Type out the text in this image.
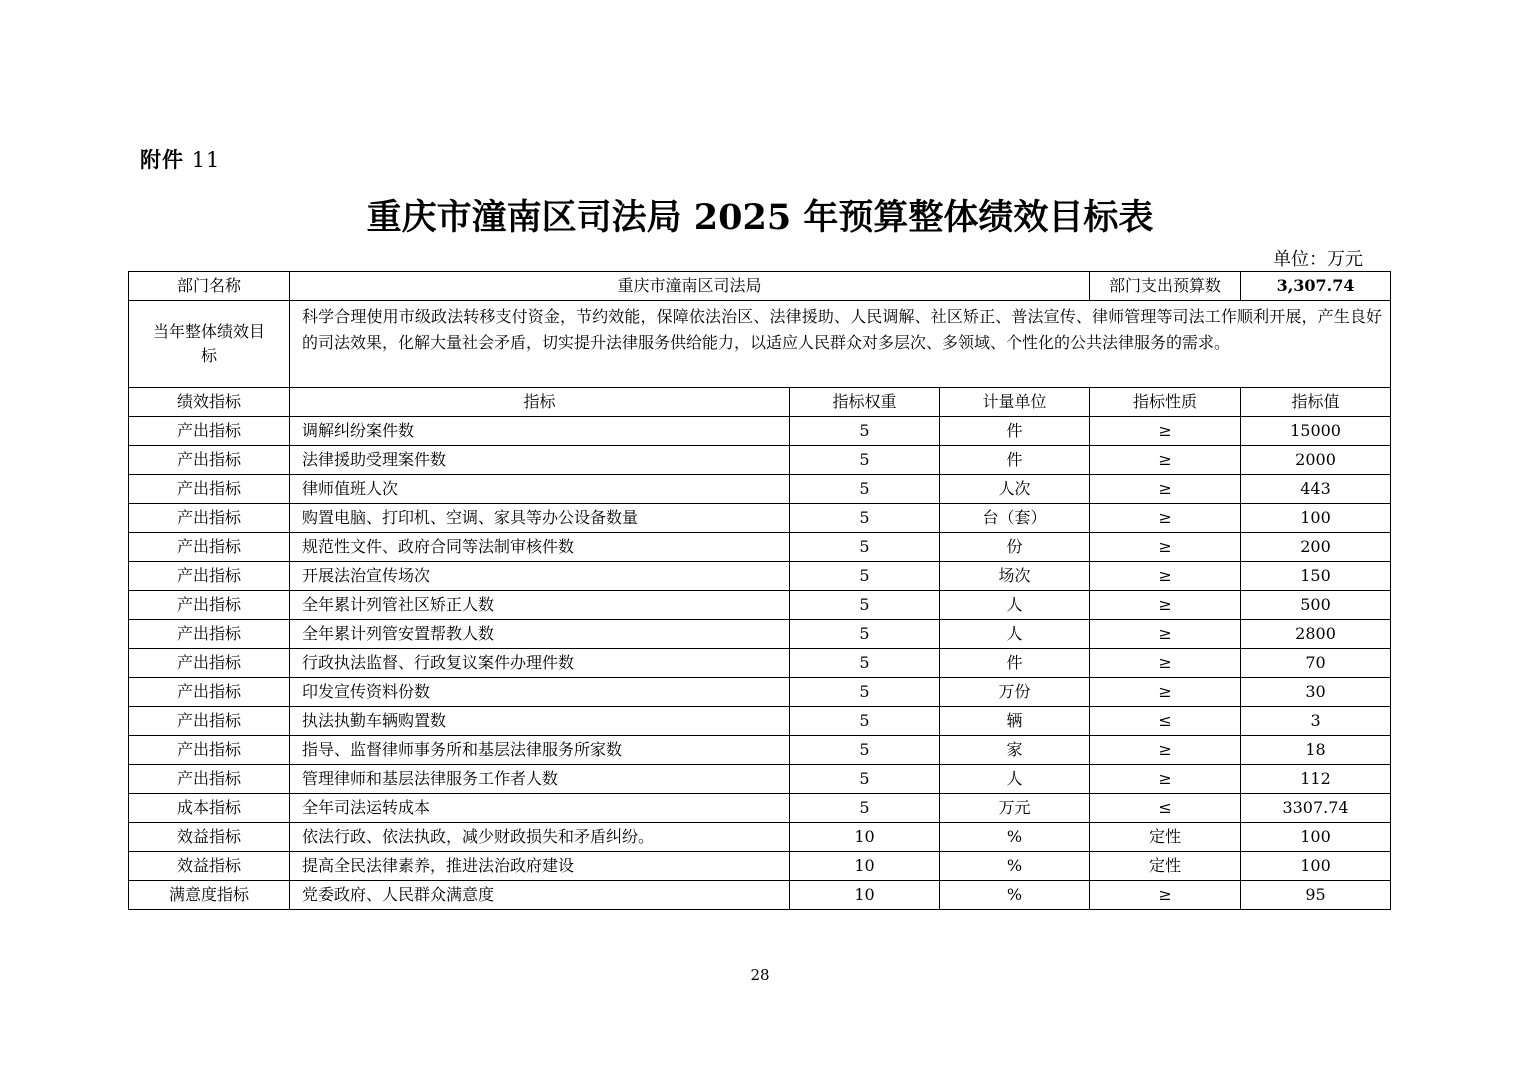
附件 11
重庆市潼南区司法局 2025 年预算整体绩效目标表
单位：万元
部门名称	重庆市潼南区司法局			部门支出预算数	3,307.74
当年整体绩效目标	科学合理使用市级政法转移支付资金，节约效能，保障依法治区、法律援助、人民调解、社区矫正、普法宣传、律师管理等司法工作顺利开展，产生良好的司法效果，化解大量社会矛盾，切实提升法律服务供给能力，以适应人民群众对多层次、多领域、个性化的公共法律服务的需求。				
绩效指标	指标	指标权重	计量单位	指标性质	指标值
产出指标	调解纠纷案件数	5	件	≥	15000
产出指标	法律援助受理案件数	5	件	≥	2000
产出指标	律师值班人次	5	人次	≥	443
产出指标	购置电脑、打印机、空调、家具等办公设备数量	5	台（套）	≥	100
产出指标	规范性文件、政府合同等法制审核件数	5	份	≥	200
产出指标	开展法治宣传场次	5	场次	≥	150
产出指标	全年累计列管社区矫正人数	5	人	≥	500
产出指标	全年累计列管安置帮教人数	5	人	≥	2800
产出指标	行政执法监督、行政复议案件办理件数	5	件	≥	70
产出指标	印发宣传资料份数	5	万份	≥	30
产出指标	执法执勤车辆购置数	5	辆	≤	3
产出指标	指导、监督律师事务所和基层法律服务所家数	5	家	≥	18
产出指标	管理律师和基层法律服务工作者人数	5	人	≥	112
成本指标	全年司法运转成本	5	万元	≤	3307.74
效益指标	依法行政、依法执政，减少财政损失和矛盾纠纷。	10	%	定性	100
效益指标	提高全民法律素养，推进法治政府建设	10	%	定性	100
满意度指标	党委政府、人民群众满意度	10	%	≥	95
28
